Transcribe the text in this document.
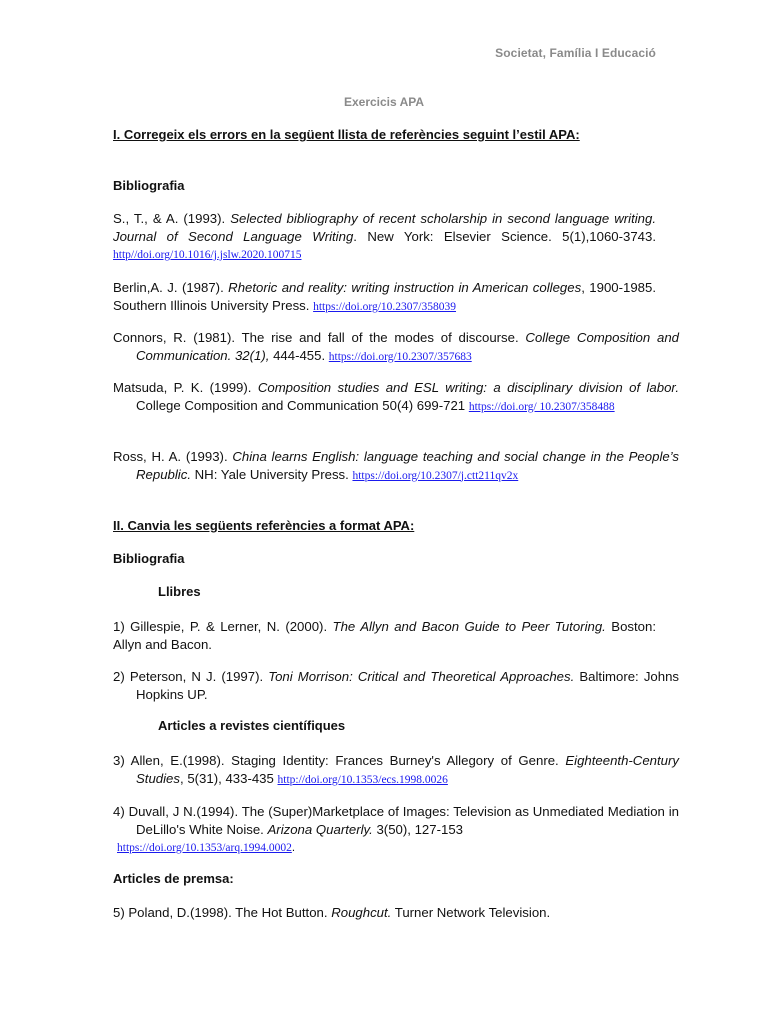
Societat, Família I Educació
Exercicis APA
I. Corregeix els errors en la següent llista de referències seguint l’estil APA:
Bibliografia
S., T., & A. (1993). Selected bibliography of recent scholarship in second language writing. Journal of Second Language Writing. New York: Elsevier Science. 5(1),1060-3743. http//doi.org/10.1016/j.jslw.2020.100715
Berlin,A. J. (1987). Rhetoric and reality: writing instruction in American colleges, 1900-1985. Southern Illinois University Press. https://doi.org/10.2307/358039
Connors, R. (1981). The rise and fall of the modes of discourse. College Composition and Communication. 32(1), 444-455. https://doi.org/10.2307/357683
Matsuda, P. K. (1999). Composition studies and ESL writing: a disciplinary division of labor. College Composition and Communication 50(4) 699-721 https://doi.org/ 10.2307/358488
Ross, H. A. (1993). China learns English: language teaching and social change in the People’s Republic. NH: Yale University Press. https://doi.org/10.2307/j.ctt211qv2x
II. Canvia les següents referències a format APA:
Bibliografia
Llibres
1) Gillespie, P. & Lerner, N. (2000). The Allyn and Bacon Guide to Peer Tutoring. Boston: Allyn and Bacon.
2) Peterson, N J. (1997). Toni Morrison: Critical and Theoretical Approaches. Baltimore: Johns Hopkins UP.
Articles a revistes científiques
3) Allen, E.(1998). Staging Identity: Frances Burney's Allegory of Genre. Eighteenth-Century Studies, 5(31), 433-435 http://doi.org/10.1353/ecs.1998.0026
4) Duvall, J N.(1994). The (Super)Marketplace of Images: Television as Unmediated Mediation in DeLillo's White Noise. Arizona Quarterly. 3(50), 127-153
https://doi.org/10.1353/arq.1994.0002.
Articles de premsa:
5) Poland, D.(1998). The Hot Button. Roughcut. Turner Network Television.
